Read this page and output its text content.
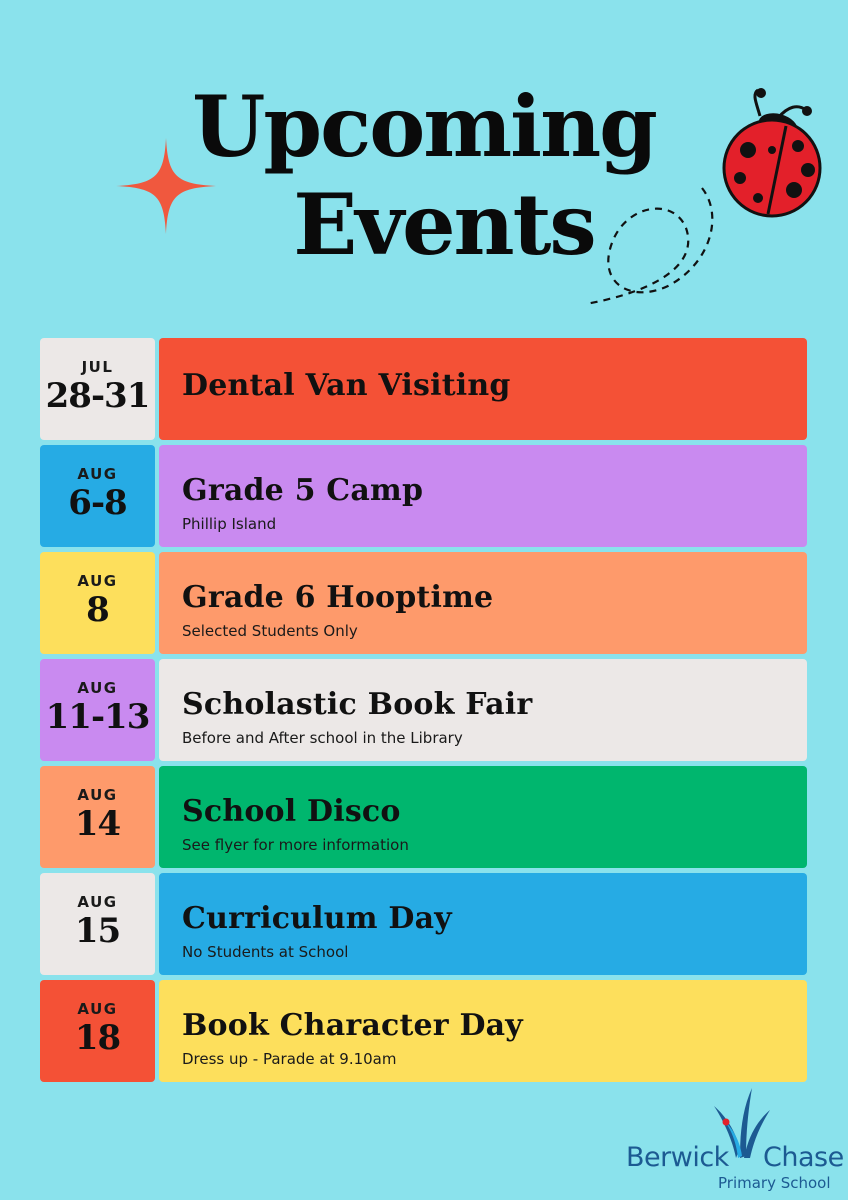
Upcoming
Events
JUL
28-31 Dental Van Visiting
AUG
6-8	Grade 5 Camp
Phillip Island
AUG
8	Grade 6 Hooptime
Selected Students Only
AUG
11-13 Scholastic Book Fair
Before and After school in the Library
AUG
14	School Disco
See flyer for more information
AUG
15	Curriculum Day
No Students at School
AUG
18	Book Character Day
Dress up - Parade at 9.10am
Berwick Chase
Primary School
